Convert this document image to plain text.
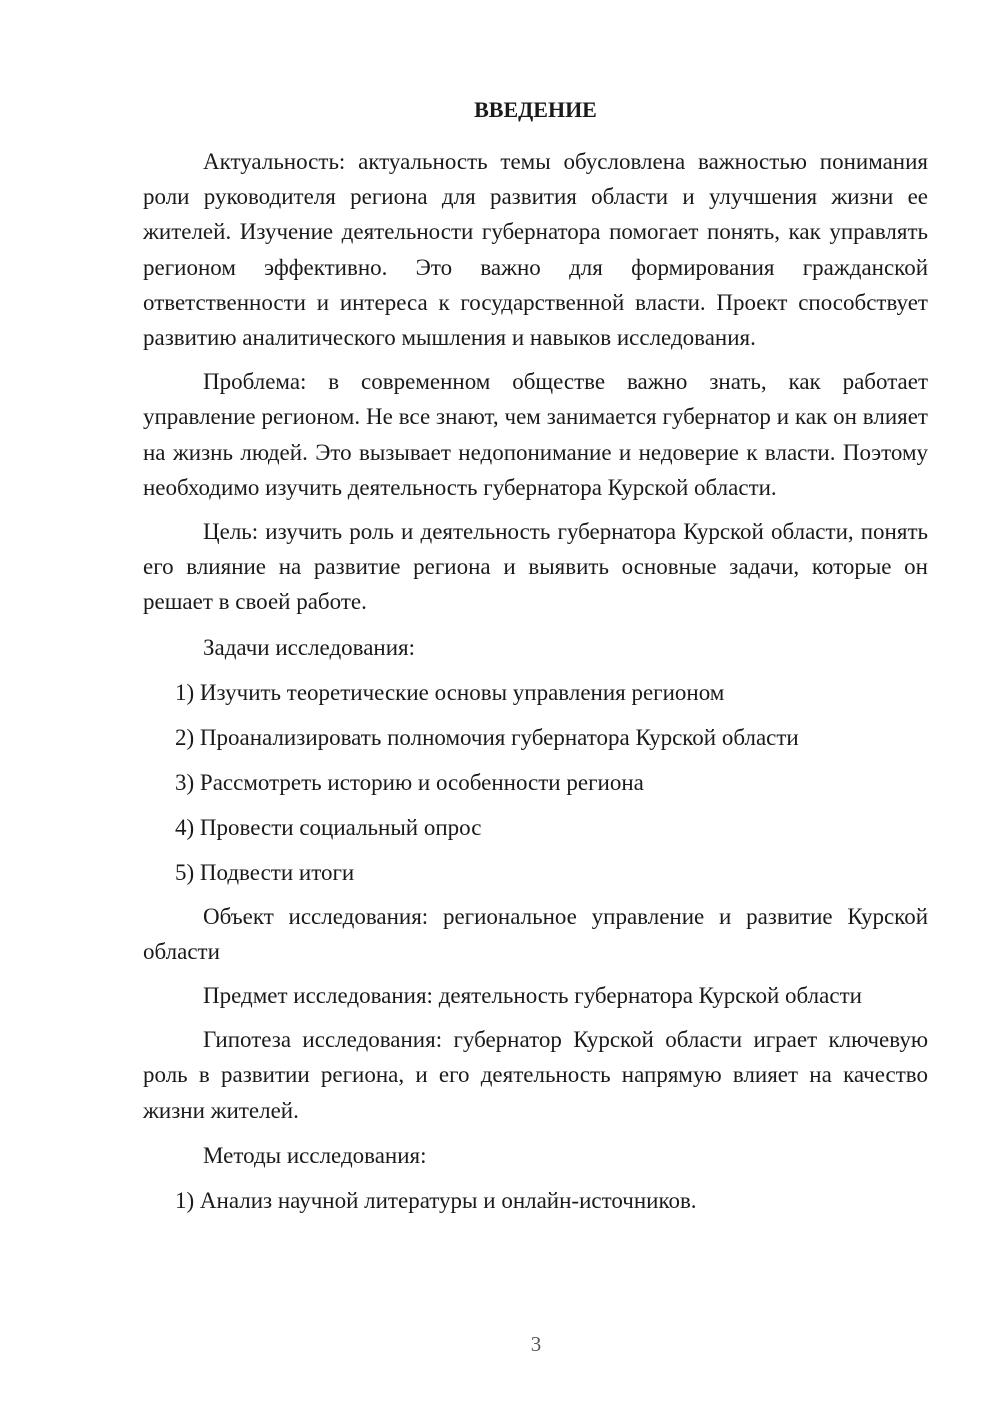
ВВЕДЕНИЕ

Актуальность: актуальность темы обусловлена важностью понимания роли руководителя региона для развития области и улучшения жизни ее жителей. Изучение деятельности губернатора помогает понять, как управлять регионом эффективно. Это важно для формирования гражданской ответственности и интереса к государственной власти. Проект способствует развитию аналитического мышления и навыков исследования.

Проблема: в современном обществе важно знать, как работает управление регионом. Не все знают, чем занимается губернатор и как он влияет на жизнь людей. Это вызывает недопонимание и недоверие к власти. Поэтому необходимо изучить деятельность губернатора Курской области.

Цель: изучить роль и деятельность губернатора Курской области, понять его влияние на развитие региона и выявить основные задачи, которые он решает в своей работе.

Задачи исследования:

1) Изучить теоретические основы управления регионом

2) Проанализировать полномочия губернатора Курской области

3) Рассмотреть историю и особенности региона

4) Провести социальный опрос

5) Подвести итоги

Объект исследования: региональное управление и развитие Курской области

Предмет исследования: деятельность губернатора Курской области

Гипотеза исследования: губернатор Курской области играет ключевую роль в развитии региона, и его деятельность напрямую влияет на качество жизни жителей.

Методы исследования:

1) Анализ научной литературы и онлайн-источников.

3
